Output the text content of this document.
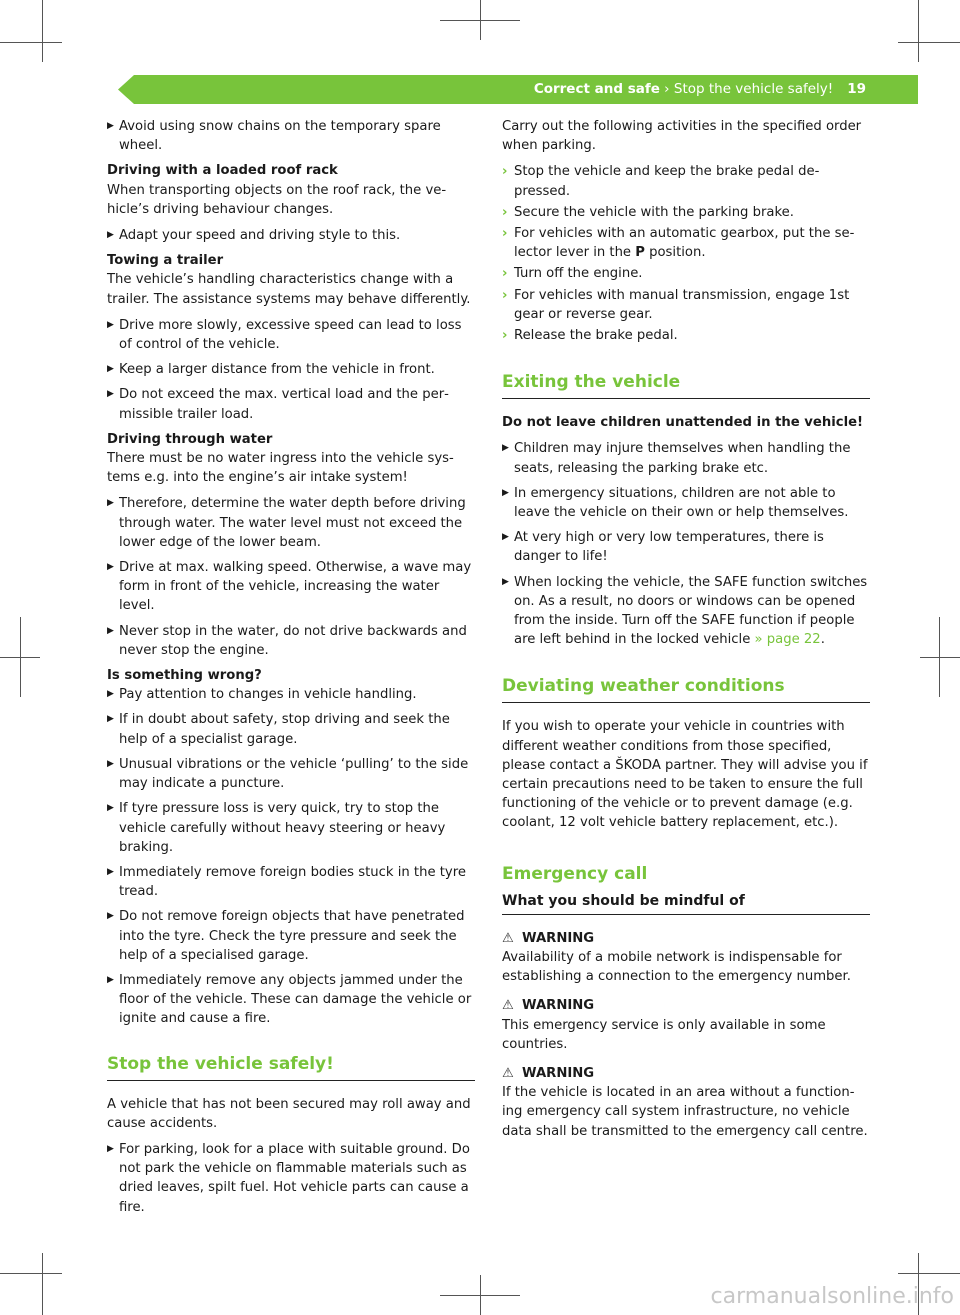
Correct and safe › Stop the vehicle safely! 19
▶ Avoid using snow chains on the temporary spare wheel.
Driving with a loaded roof rack
When transporting objects on the roof rack, the vehicle’s driving behaviour changes.
▶ Adapt your speed and driving style to this.
Towing a trailer
The vehicle’s handling characteristics change with a trailer. The assistance systems may behave differently.
▶ Drive more slowly, excessive speed can lead to loss of control of the vehicle.
▶ Keep a larger distance from the vehicle in front.
▶ Do not exceed the max. vertical load and the permissible trailer load.
Driving through water
There must be no water ingress into the vehicle systems e.g. into the engine’s air intake system!
▶ Therefore, determine the water depth before driving through water. The water level must not exceed the lower edge of the lower beam.
▶ Drive at max. walking speed. Otherwise, a wave may form in front of the vehicle, increasing the water level.
▶ Never stop in the water, do not drive backwards and never stop the engine.
Is something wrong?
▶ Pay attention to changes in vehicle handling.
▶ If in doubt about safety, stop driving and seek the help of a specialist garage.
▶ Unusual vibrations or the vehicle ‘pulling’ to the side may indicate a puncture.
▶ If tyre pressure loss is very quick, try to stop the vehicle carefully without heavy steering or heavy braking.
▶ Immediately remove foreign bodies stuck in the tyre tread.
▶ Do not remove foreign objects that have penetrated into the tyre. Check the tyre pressure and seek the help of a specialised garage.
▶ Immediately remove any objects jammed under the floor of the vehicle. These can damage the vehicle or ignite and cause a fire.
Stop the vehicle safely!
A vehicle that has not been secured may roll away and cause accidents.
▶ For parking, look for a place with suitable ground. Do not park the vehicle on flammable materials such as dried leaves, spilt fuel. Hot vehicle parts can cause a fire.
Carry out the following activities in the specified order when parking.
› Stop the vehicle and keep the brake pedal depressed.
› Secure the vehicle with the parking brake.
› For vehicles with an automatic gearbox, put the selector lever in the P position.
› Turn off the engine.
› For vehicles with manual transmission, engage 1st gear or reverse gear.
› Release the brake pedal.
Exiting the vehicle
Do not leave children unattended in the vehicle!
▶ Children may injure themselves when handling the seats, releasing the parking brake etc.
▶ In emergency situations, children are not able to leave the vehicle on their own or help themselves.
▶ At very high or very low temperatures, there is danger to life!
▶ When locking the vehicle, the SAFE function switches on. As a result, no doors or windows can be opened from the inside. Turn off the SAFE function if people are left behind in the locked vehicle » page 22.
Deviating weather conditions
If you wish to operate your vehicle in countries with different weather conditions from those specified, please contact a ŠKODA partner. They will advise you if certain precautions need to be taken to ensure the full functioning of the vehicle or to prevent damage (e.g. coolant, 12 volt vehicle battery replacement, etc.).
Emergency call
What you should be mindful of
⚠ WARNING
Availability of a mobile network is indispensable for establishing a connection to the emergency number.
⚠ WARNING
This emergency service is only available in some countries.
⚠ WARNING
If the vehicle is located in an area without a functioning emergency call system infrastructure, no vehicle data shall be transmitted to the emergency call centre.
carmanualsonline.info
